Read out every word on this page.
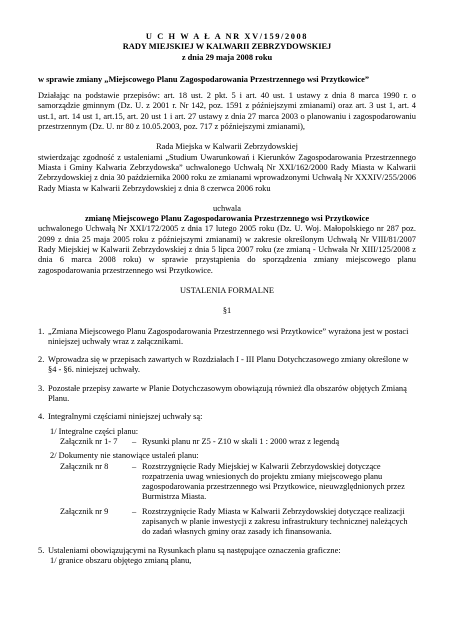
U C H W A Ł A NR XV/159/2008
RADY MIEJSKIEJ W KALWARII ZEBRZYDOWSKIEJ
z dnia 29 maja 2008 roku

w sprawie zmiany „Miejscowego Planu Zagospodarowania Przestrzennego wsi Przytkowice”

Działając na podstawie przepisów: art. 18 ust. 2 pkt. 5 i art. 40 ust. 1 ustawy z dnia 8 marca 1990 r. o samorządzie gminnym (Dz. U. z 2001 r. Nr 142, poz. 1591 z późniejszymi zmianami) oraz art. 3 ust 1, art. 4 ust.1, art. 14 ust 1, art.15, art. 20 ust 1 i art. 27 ustawy z dnia 27 marca 2003 o planowaniu i zagospodarowaniu przestrzennym (Dz. U. nr 80 z 10.05.2003, poz. 717 z późniejszymi zmianami),

Rada Miejska w Kalwarii Zebrzydowskiej

stwierdzając zgodność z ustaleniami „Studium Uwarunkowań i Kierunków Zagospodarowania Przestrzennego Miasta i Gminy Kalwaria Zebrzydowska” uchwalonego Uchwałą Nr XXI/162/2000 Rady Miasta w Kalwarii Zebrzydowskiej z dnia 30 października 2000 roku ze zmianami wprowadzonymi Uchwałą Nr XXXIV/255/2006 Rady Miasta w Kalwarii Zebrzydowskiej z dnia 8 czerwca 2006 roku

uchwala

zmianę Miejscowego Planu Zagospodarowania Przestrzennego wsi Przytkowice

uchwalonego Uchwałą Nr XXI/172/2005 z dnia 17 lutego 2005 roku (Dz. U. Woj. Małopolskiego nr 287 poz. 2099 z dnia 25 maja 2005 roku z późniejszymi zmianami) w zakresie określonym Uchwałą Nr VIII/81/2007 Rady Miejskiej w Kalwarii Zebrzydowskiej z dnia 5 lipca 2007 roku (ze zmianą - Uchwała Nr XIII/125/2008 z dnia 6 marca 2008 roku) w sprawie przystąpienia do sporządzenia zmiany miejscowego planu zagospodarowania przestrzennego wsi Przytkowice.

USTALENIA FORMALNE

§1

1. „Zmiana Miejscowego Planu Zagospodarowania Przestrzennego wsi Przytkowice” wyrażona jest w postaci niniejszej uchwały wraz z załącznikami.
2. Wprowadza się w przepisach zawartych w Rozdziałach I - III Planu Dotychczasowego zmiany określone w §4 - §6. niniejszej uchwały.
3. Pozostałe przepisy zawarte w Planie Dotychczasowym obowiązują również dla obszarów objętych Zmianą Planu.
4. Integralnymi częściami niniejszej uchwały są:

1/ Integralne części planu:

Załącznik nr 1- 7	– Rysunki planu nr Z5 - Z10 w skali 1 : 2000 wraz z legendą

2/ Dokumenty nie stanowiące ustaleń planu:

Załącznik nr 8	– Rozstrzygnięcie Rady Miejskiej w Kalwarii Zebrzydowskiej dotyczące rozpatrzenia uwag wniesionych do projektu zmiany miejscowego planu zagospodarowania przestrzennego wsi Przytkowice, nieuwzględnionych przez Burmistrza Miasta.
Załącznik nr 9	– Rozstrzygnięcie Rady Miasta w Kalwarii Zebrzydowskiej dotyczące realizacji zapisanych w planie inwestycji z zakresu infrastruktury technicznej należących do zadań własnych gminy oraz zasady ich finansowania.
5. Ustaleniami obowiązującymi na Rysunkach planu są następujące oznaczenia graficzne:

1/ granice obszaru objętego zmianą planu,
